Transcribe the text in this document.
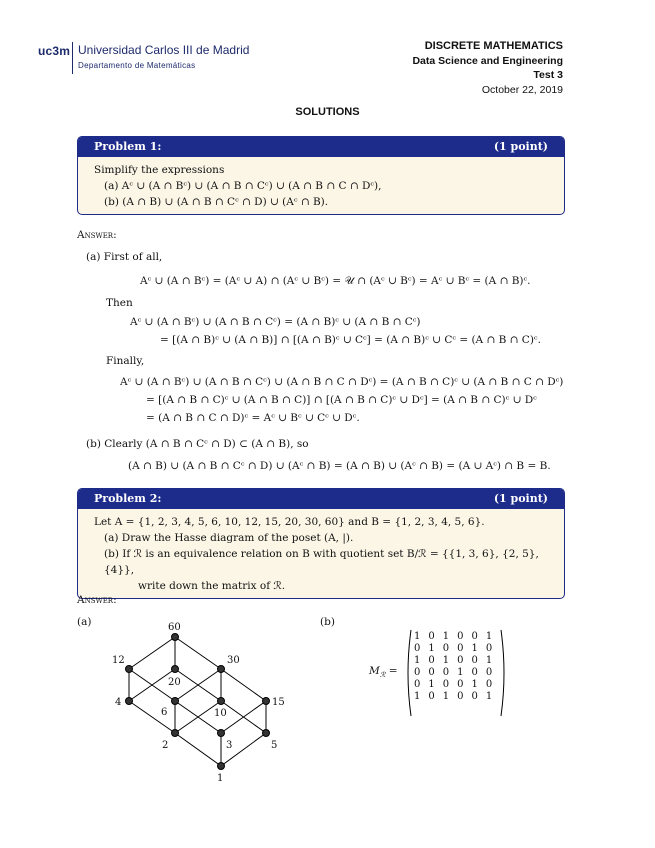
uc3m Universidad Carlos III de Madrid
Departamento de Matemáticas
DISCRETE MATHEMATICS
Data Science and Engineering
Test 3
October 22, 2019
SOLUTIONS
Problem 1:	(1 point)
Simplify the expressions
(a) Aᶜ ∪ (A ∩ Bᶜ) ∪ (A ∩ B ∩ Cᶜ) ∪ (A ∩ B ∩ C ∩ Dᶜ),
(b) (A ∩ B) ∪ (A ∩ B ∩ Cᶜ ∩ D) ∪ (Aᶜ ∩ B).
Answer:
(a) First of all,
Aᶜ ∪ (A ∩ Bᶜ) = (Aᶜ ∪ A) ∩ (Aᶜ ∪ Bᶜ) = 𝒰 ∩ (Aᶜ ∪ Bᶜ) = Aᶜ ∪ Bᶜ = (A ∩ B)ᶜ.
Then
Aᶜ ∪ (A ∩ Bᶜ) ∪ (A ∩ B ∩ Cᶜ) = (A ∩ B)ᶜ ∪ (A ∩ B ∩ Cᶜ)
= [(A ∩ B)ᶜ ∪ (A ∩ B)] ∩ [(A ∩ B)ᶜ ∪ Cᶜ] = (A ∩ B)ᶜ ∪ Cᶜ = (A ∩ B ∩ C)ᶜ.
Finally,
Aᶜ ∪ (A ∩ Bᶜ) ∪ (A ∩ B ∩ Cᶜ) ∪ (A ∩ B ∩ C ∩ Dᶜ) = (A ∩ B ∩ C)ᶜ ∪ (A ∩ B ∩ C ∩ Dᶜ)
= [(A ∩ B ∩ C)ᶜ ∪ (A ∩ B ∩ C)] ∩ [(A ∩ B ∩ C)ᶜ ∪ Dᶜ] = (A ∩ B ∩ C)ᶜ ∪ Dᶜ
= (A ∩ B ∩ C ∩ D)ᶜ = Aᶜ ∪ Bᶜ ∪ Cᶜ ∪ Dᶜ.
(b) Clearly (A ∩ B ∩ Cᶜ ∩ D) ⊂ (A ∩ B), so
(A ∩ B) ∪ (A ∩ B ∩ Cᶜ ∩ D) ∪ (Aᶜ ∩ B) = (A ∩ B) ∪ (Aᶜ ∩ B) = (A ∪ Aᶜ) ∩ B = B.
Problem 2:	(1 point)
Let A = {1, 2, 3, 4, 5, 6, 10, 12, 15, 20, 30, 60} and B = {1, 2, 3, 4, 5, 6}.
(a) Draw the Hasse diagram of the poset (A, |).
(b) If ℛ is an equivalence relation on B with quotient set B/ℛ = {{1, 3, 6}, {2, 5}, {4}},
write down the matrix of ℛ.
Answer:
(a)	(b)
1
2	3	5
4
6	10
15
12
20
30
60
$M_ℛ$ =
1	0	1	0	0	1
0	1	0	0	1	0
1	0	1	0	0	1
0	0	0	1	0	0
0	1	0	0	1	0
1	0	1	0	0	1
